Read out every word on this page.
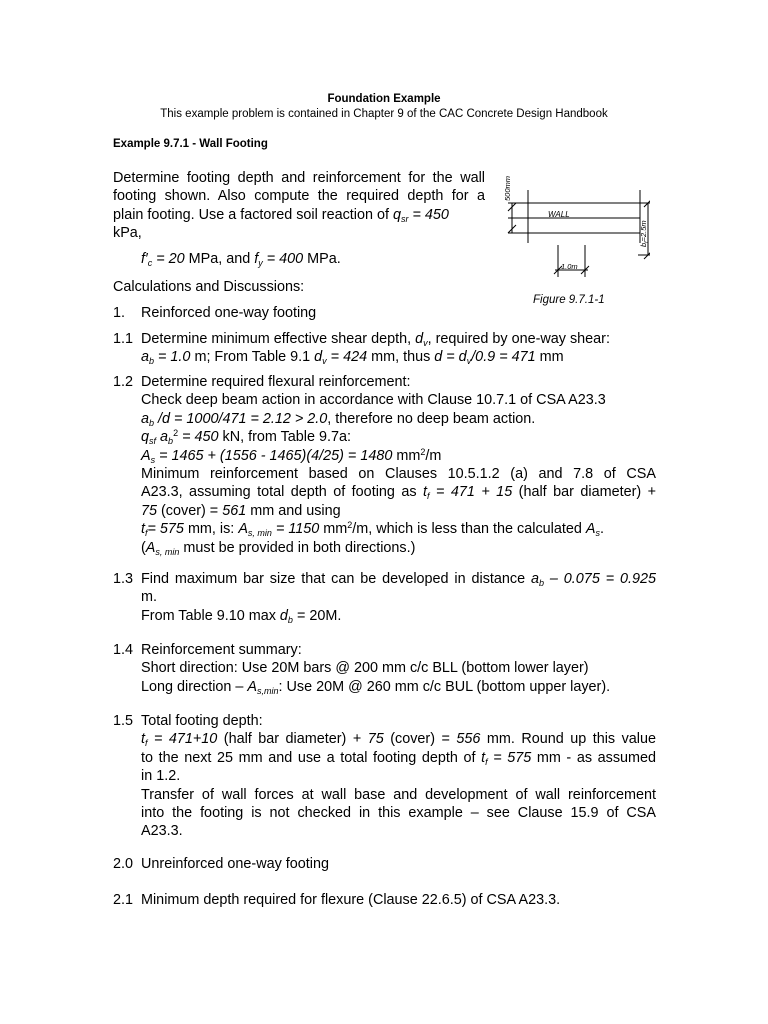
Foundation Example
This example problem is contained in Chapter 9 of the CAC Concrete Design Handbook
Example 9.7.1 - Wall Footing
Determine footing depth and reinforcement for the wall
footing shown. Also compute the required depth for a
plain footing. Use a factored soil reaction of $q_{sr} = 450$
kPa,
$f'_c = 20$ MPa, and $f_y = 400$ MPa.
Calculations and Discussions:
WALL
500mm
$b_f=2.5m$
1.0m
Figure 9.7.1-1
1. Reinforced one-way footing
1.1 Determine minimum effective shear depth, $d_v$, required by one-way shear:
$a_b = 1.0$ m; From Table 9.1 $d_v = 424$ mm, thus $d = d_v/0.9 = 471$ mm
1.2 Determine required flexural reinforcement:
Check deep beam action in accordance with Clause 10.7.1 of CSA A23.3
$a_b$ /d = 1000/471 = 2.12 > 2.0, therefore no deep beam action.
$q_{sf}$ $a_b^2 = 450$ kN, from Table 9.7a:
$A_s = 1465 + (1556 - 1465)(4/25) = 1480$ $mm^2/m$
Minimum reinforcement based on Clauses 10.5.1.2 (a) and 7.8 of CSA
A23.3, assuming total depth of footing as $t_f = 471 + 15$ (half bar diameter) +
75 (cover) = 561 mm and using
$t_f= 575$ mm, is: $A_{s, min} = 1150$ $mm^2/m$, which is less than the calculated $A_s$.
($A_{s, min}$ must be provided in both directions.)
1.3 Find maximum bar size that can be developed in distance $a_b - 0.075 = 0.925$
m.
From Table 9.10 $\max d_b = 20M$.
1.4 Reinforcement summary:
Short direction: Use 20M bars @ 200 mm c/c BLL (bottom lower layer)
Long direction – $A_{s,min}$: Use 20M @ 260 mm c/c BUL (bottom upper layer).
1.5 Total footing depth:
$t_f = 471+10$ (half bar diameter) + 75 (cover) = 556 mm. Round up this value
to the next 25 mm and use a total footing depth of $t_f = 575$ mm - as assumed
in 1.2.
Transfer of wall forces at wall base and development of wall reinforcement
into the footing is not checked in this example – see Clause 15.9 of CSA
A23.3.
2.0 Unreinforced one-way footing
2.1 Minimum depth required for flexure (Clause 22.6.5) of CSA A23.3.
